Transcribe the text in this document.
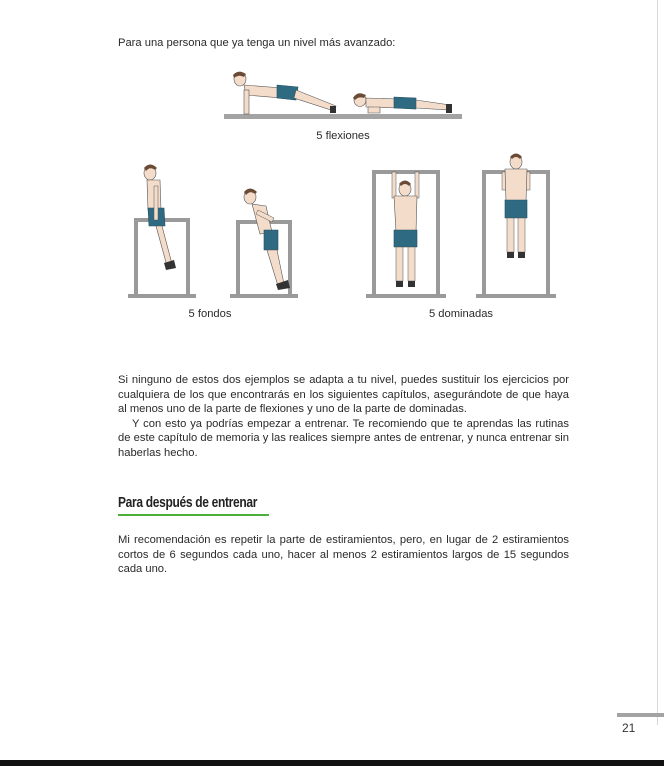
Para una persona que ya tenga un nivel más avanzado:

5 flexiones

5 fondos	5 dominadas

Si ninguno de estos dos ejemplos se adapta a tu nivel, puedes sustituir los ejercicios por cualquiera de los que encontrarás en los siguientes capítulos, asegurándote de que haya al menos uno de la parte de flexiones y uno de la parte de dominadas.

Y con esto ya podrías empezar a entrenar. Te recomiendo que te aprendas las rutinas de este capítulo de memoria y las realices siempre antes de entrenar, y nunca entrenar sin haberlas hecho.

Para después de entrenar

Mi recomendación es repetir la parte de estiramientos, pero, en lugar de 2 estiramientos cortos de 6 segundos cada uno, hacer al menos 2 estiramientos largos de 15 segundos cada uno.

21
